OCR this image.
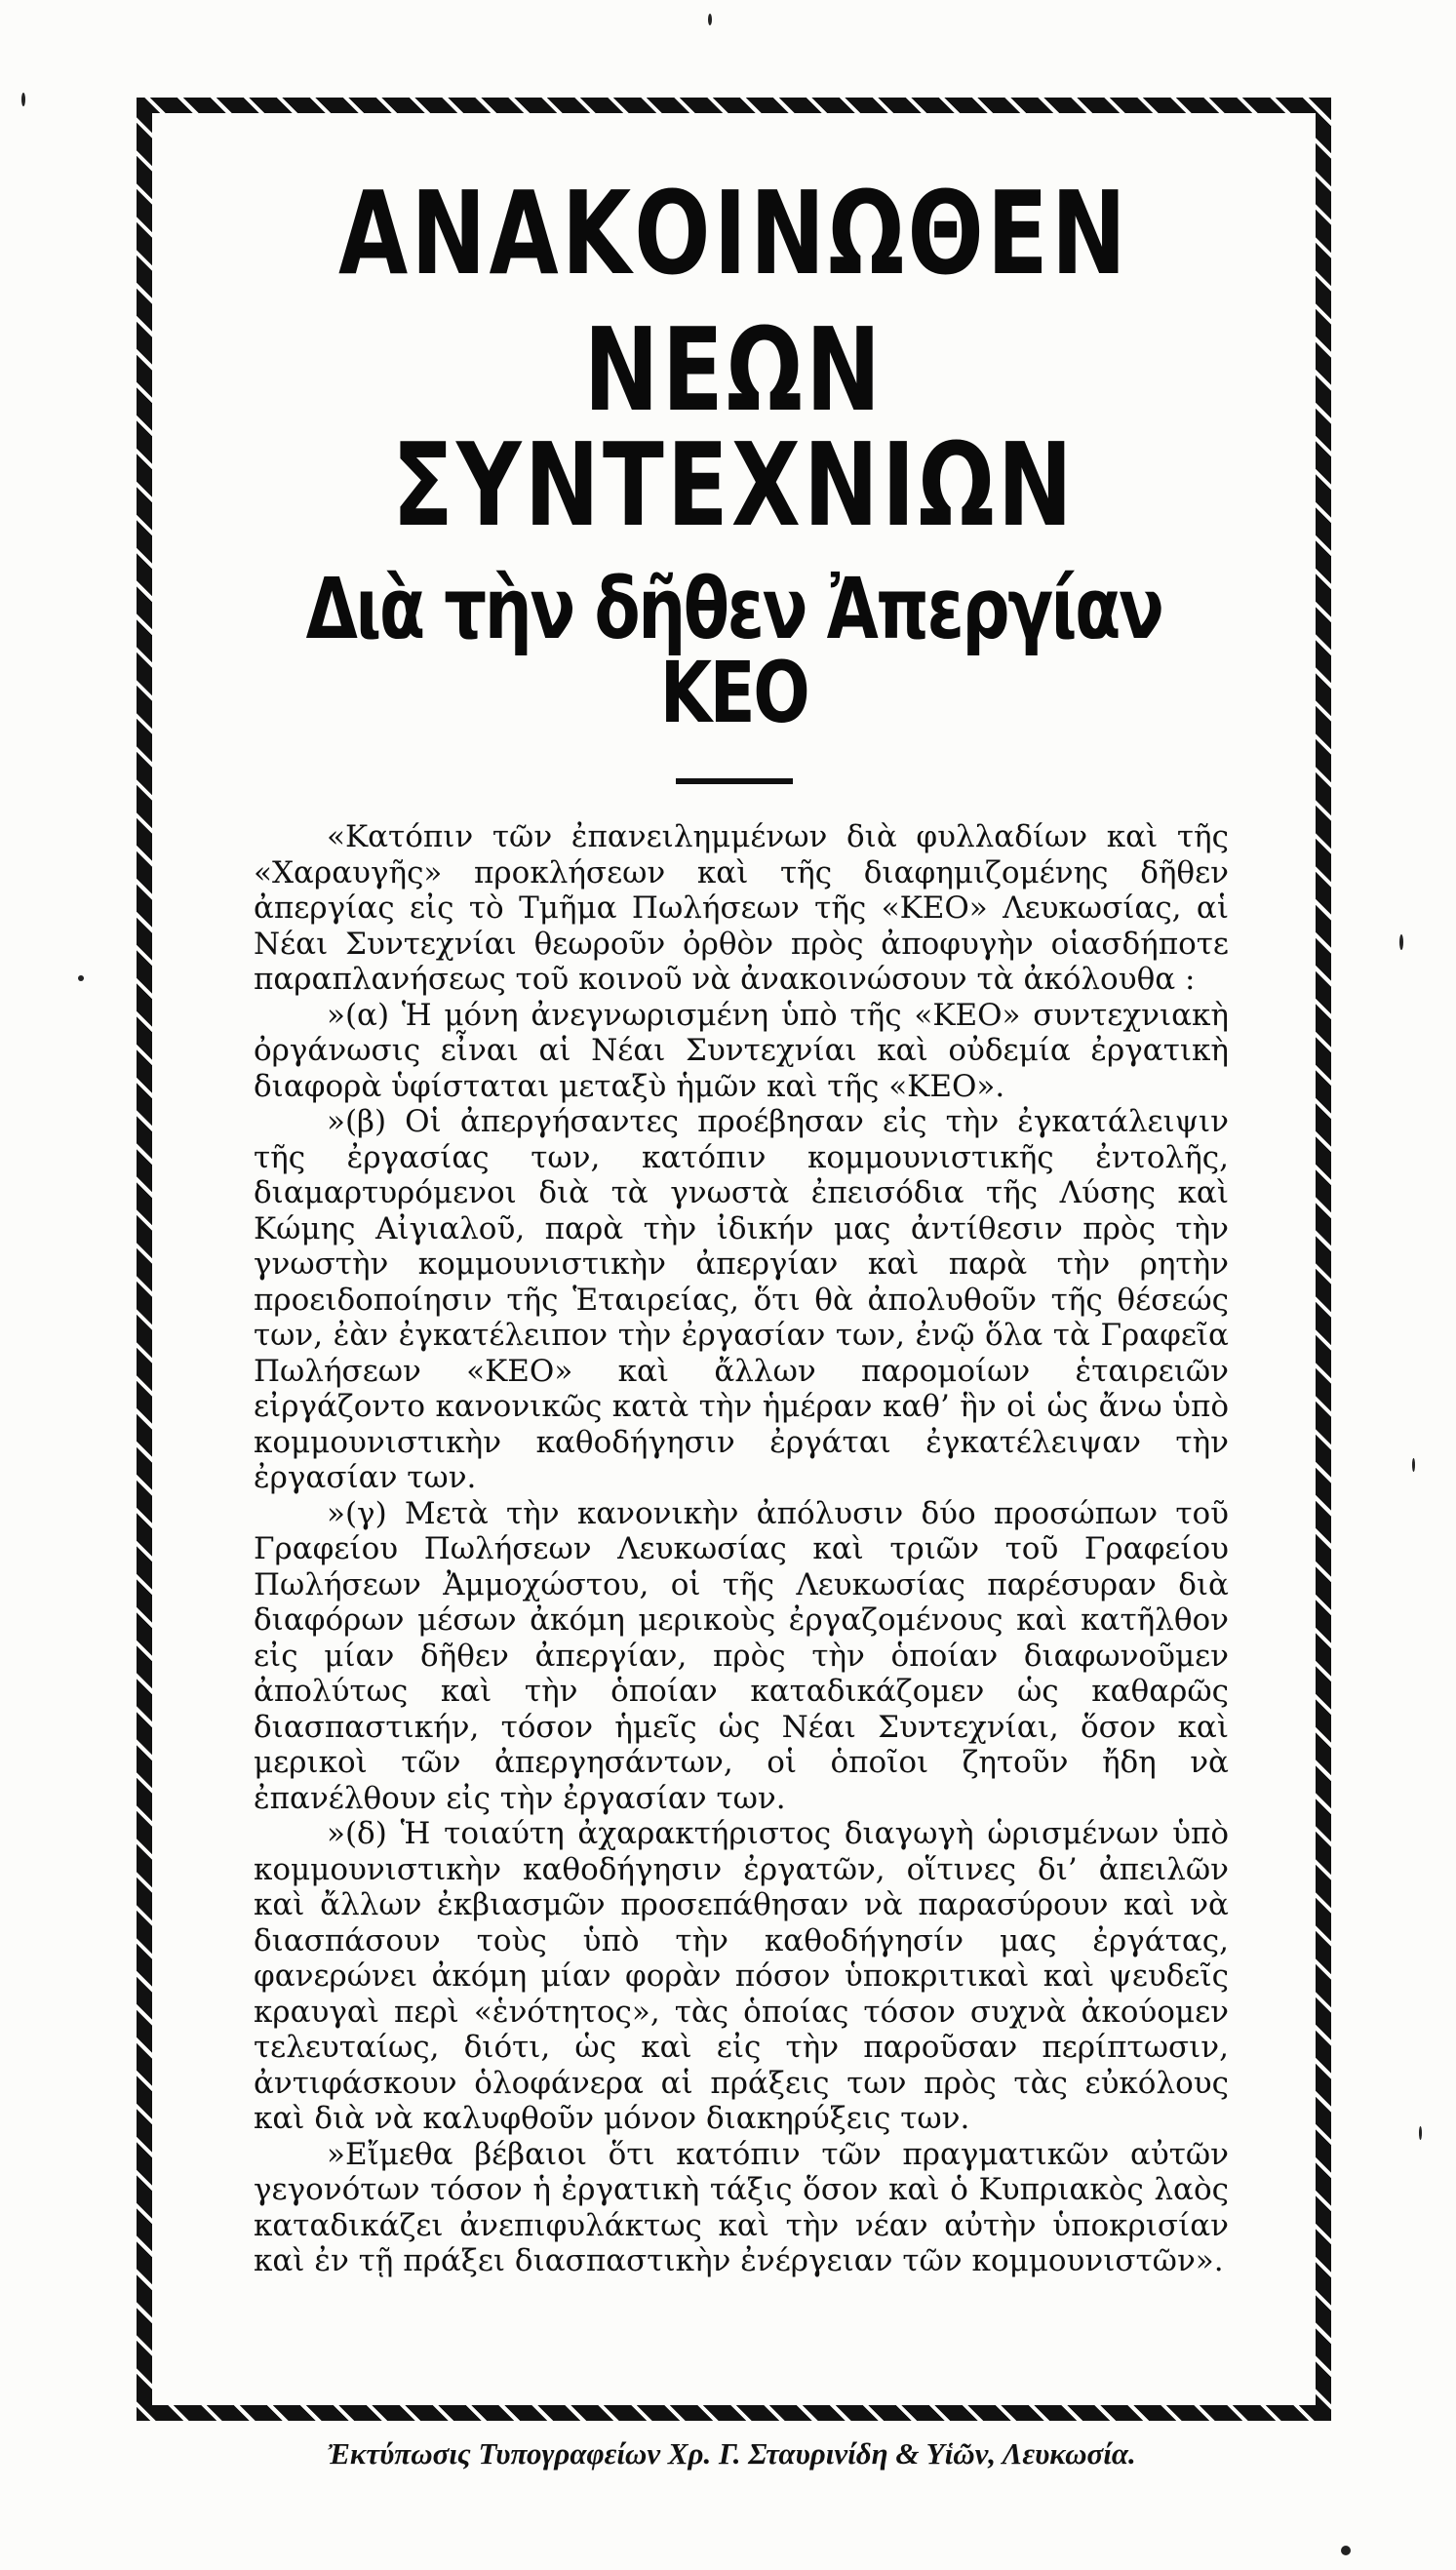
ΑΝΑΚΟΙΝΩΘΕΝ
ΝΕΩΝ ΣΥΝΤΕΧΝΙΩΝ
Διὰ τὴν δῆθεν Ἀπεργίαν ΚΕΟ

«Κατόπιν τῶν ἐπανειλημμένων διὰ φυλλαδίων καὶ τῆς «Χαραυγῆς» προκλήσεων καὶ τῆς διαφημιζομένης δῆθεν ἀπεργίας εἰς τὸ Τμῆμα Πωλήσεων τῆς «ΚΕΟ» Λευκωσίας, αἱ Νέαι Συντεχνίαι θεωροῦν ὀρθὸν πρὸς ἀποφυγὴν οἱασδήποτε παραπλανήσεως τοῦ κοινοῦ νὰ ἀνακοινώσουν τὰ ἀκόλουθα :

»(α) Ἡ μόνη ἀνεγνωρισμένη ὑπὸ τῆς «ΚΕΟ» συντεχνιακὴ ὀργάνωσις εἶναι αἱ Νέαι Συντεχνίαι καὶ οὐδεμία ἐργατικὴ διαφορὰ ὑφίσταται μεταξὺ ἡμῶν καὶ τῆς «ΚΕΟ».

»(β) Οἱ ἀπεργήσαντες προέβησαν εἰς τὴν ἐγκατάλειψιν τῆς ἐργασίας των, κατόπιν κομμουνιστικῆς ἐντολῆς, διαμαρτυρόμενοι διὰ τὰ γνωστὰ ἐπεισόδια τῆς Λύσης καὶ Κώμης Αἰγιαλοῦ, παρὰ τὴν ἰδικήν μας ἀντίθεσιν πρὸς τὴν γνωστὴν κομμουνιστικὴν ἀπεργίαν καὶ παρὰ τὴν ρητὴν προειδοποίησιν τῆς Ἑταιρείας, ὅτι θὰ ἀπολυθοῦν τῆς θέσεώς των, ἐὰν ἐγκατέλειπον τὴν ἐργασίαν των, ἐνῷ ὅλα τὰ Γραφεῖα Πωλήσεων «ΚΕΟ» καὶ ἄλλων παρομοίων ἑταιρειῶν εἰργάζοντο κανονικῶς κατὰ τὴν ἡμέραν καθ’ ἣν οἱ ὡς ἄνω ὑπὸ κομμουνιστικὴν καθοδήγησιν ἐργάται ἐγκατέλειψαν τὴν ἐργασίαν των.

»(γ) Μετὰ τὴν κανονικὴν ἀπόλυσιν δύο προσώπων τοῦ Γραφείου Πωλήσεων Λευκωσίας καὶ τριῶν τοῦ Γραφείου Πωλήσεων Ἀμμοχώστου, οἱ τῆς Λευκωσίας παρέσυραν διὰ διαφόρων μέσων ἀκόμη μερικοὺς ἐργαζομένους καὶ κατῆλθον εἰς μίαν δῆθεν ἀπεργίαν, πρὸς τὴν ὁποίαν διαφωνοῦμεν ἀπολύτως καὶ τὴν ὁποίαν καταδικάζομεν ὡς καθαρῶς διασπαστικήν, τόσον ἡμεῖς ὡς Νέαι Συντεχνίαι, ὅσον καὶ μερικοὶ τῶν ἀπεργησάντων, οἱ ὁποῖοι ζητοῦν ἤδη νὰ ἐπανέλθουν εἰς τὴν ἐργασίαν των.

»(δ) Ἡ τοιαύτη ἀχαρακτήριστος διαγωγὴ ὡρισμένων ὑπὸ κομμουνιστικὴν καθοδήγησιν ἐργατῶν, οἵτινες δι’ ἀπειλῶν καὶ ἄλλων ἐκβιασμῶν προσεπάθησαν νὰ παρασύρουν καὶ νὰ διασπάσουν τοὺς ὑπὸ τὴν καθοδήγησίν μας ἐργάτας, φανερώνει ἀκόμη μίαν φορὰν πόσον ὑποκριτικαὶ καὶ ψευδεῖς κραυγαὶ περὶ «ἑνότητος», τὰς ὁποίας τόσον συχνὰ ἀκούομεν τελευταίως, διότι, ὡς καὶ εἰς τὴν παροῦσαν περίπτωσιν, ἀντιφάσκουν ὁλοφάνερα αἱ πράξεις των πρὸς τὰς εὐκόλους καὶ διὰ νὰ καλυφθοῦν μόνον διακηρύξεις των.

»Εἴμεθα βέβαιοι ὅτι κατόπιν τῶν πραγματικῶν αὐτῶν γεγονότων τόσον ἡ ἐργατικὴ τάξις ὅσον καὶ ὁ Κυπριακὸς λαὸς καταδικάζει ἀνεπιφυλάκτως καὶ τὴν νέαν αὐτὴν ὑποκρισίαν καὶ ἐν τῇ πράξει διασπαστικὴν ἐνέργειαν τῶν κομμουνιστῶν».

Ἐκτύπωσις Τυπογραφείων Χρ. Γ. Σταυρινίδη & Υἱῶν, Λευκωσία.
